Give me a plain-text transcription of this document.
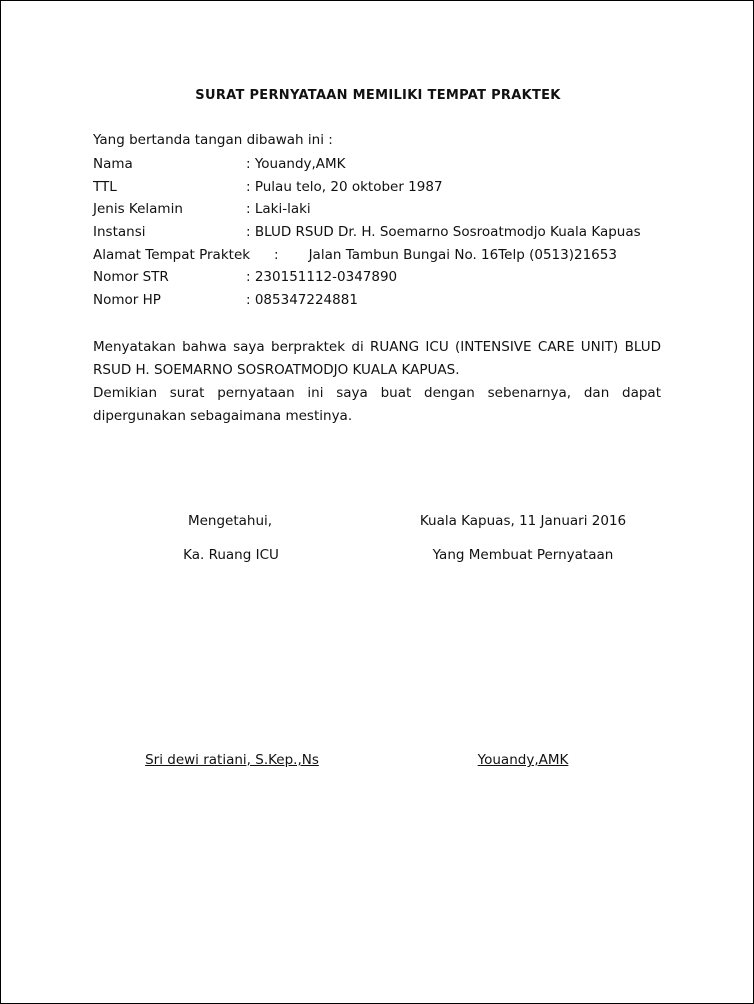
SURAT PERNYATAAN MEMILIKI TEMPAT PRAKTEK
Yang bertanda tangan dibawah ini :
Nama	: Youandy,AMK
TTL	: Pulau telo, 20 oktober 1987
Jenis Kelamin	: Laki-laki
Instansi	: BLUD RSUD Dr. H. Soemarno Sosroatmodjo Kuala Kapuas
Alamat Tempat Praktek : Jalan Tambun Bungai No. 16Telp (0513)21653
Nomor STR	: 230151112-0347890
Nomor HP	: 085347224881

Menyatakan bahwa saya berpraktek di RUANG ICU (INTENSIVE CARE UNIT) BLUD RSUD H. SOEMARNO SOSROATMODJO KUALA KAPUAS.

Demikian surat pernyataan ini saya buat dengan sebenarnya, dan dapat dipergunakan sebagaimana mestinya.

Mengetahui,	Kuala Kapuas, 11 Januari 2016
Ka. Ruang ICU	Yang Membuat Pernyataan
Sri dewi ratiani, S.Kep.,Ns	Youandy,AMK
